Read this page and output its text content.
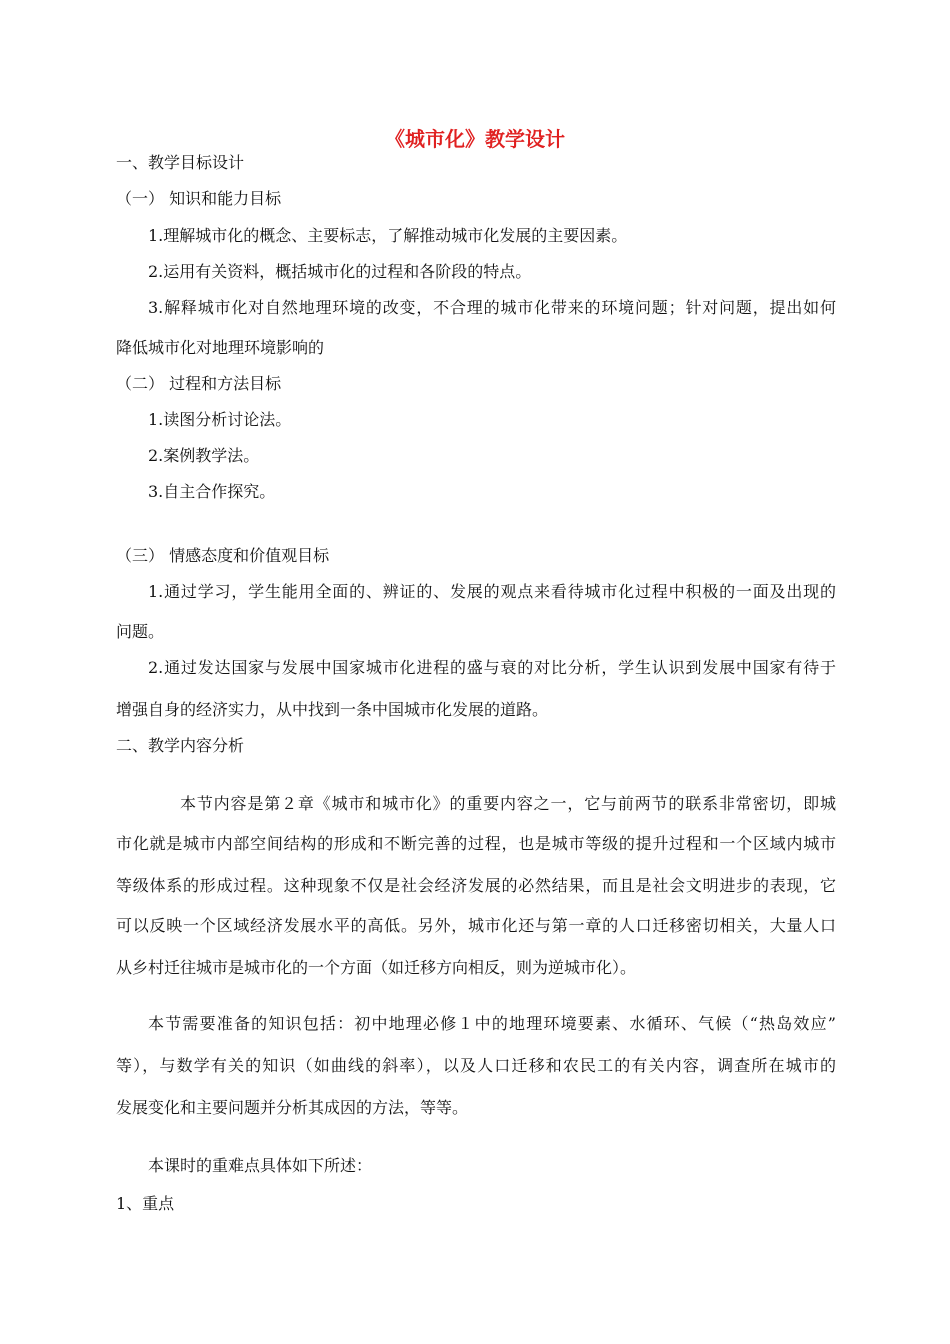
《城市化》教学设计
一、教学目标设计
（一） 知识和能力目标
1.理解城市化的概念、主要标志，了解推动城市化发展的主要因素。
2.运用有关资料，概括城市化的过程和各阶段的特点。
3.解释城市化对自然地理环境的改变，不合理的城市化带来的环境问题；针对问题，提出如何
降低城市化对地理环境影响的
（二） 过程和方法目标
1.读图分析讨论法。
2.案例教学法。
3.自主合作探究。
（三） 情感态度和价值观目标
1.通过学习，学生能用全面的、辨证的、发展的观点来看待城市化过程中积极的一面及出现的
问题。
2.通过发达国家与发展中国家城市化进程的盛与衰的对比分析，学生认识到发展中国家有待于
增强自身的经济实力，从中找到一条中国城市化发展的道路。
二、教学内容分析
本节内容是第２章《城市和城市化》的重要内容之一，它与前两节的联系非常密切，即城
市化就是城市内部空间结构的形成和不断完善的过程，也是城市等级的提升过程和一个区域内城市
等级体系的形成过程。这种现象不仅是社会经济发展的必然结果，而且是社会文明进步的表现，它
可以反映一个区域经济发展水平的高低。另外，城市化还与第一章的人口迁移密切相关，大量人口
从乡村迁往城市是城市化的一个方面（如迁移方向相反，则为逆城市化）。
本节需要准备的知识包括：初中地理必修１中的地理环境要素、水循环、气候（“热岛效应”
等），与数学有关的知识（如曲线的斜率），以及人口迁移和农民工的有关内容，调查所在城市的
发展变化和主要问题并分析其成因的方法，等等。
本课时的重难点具体如下所述：
1、重点
